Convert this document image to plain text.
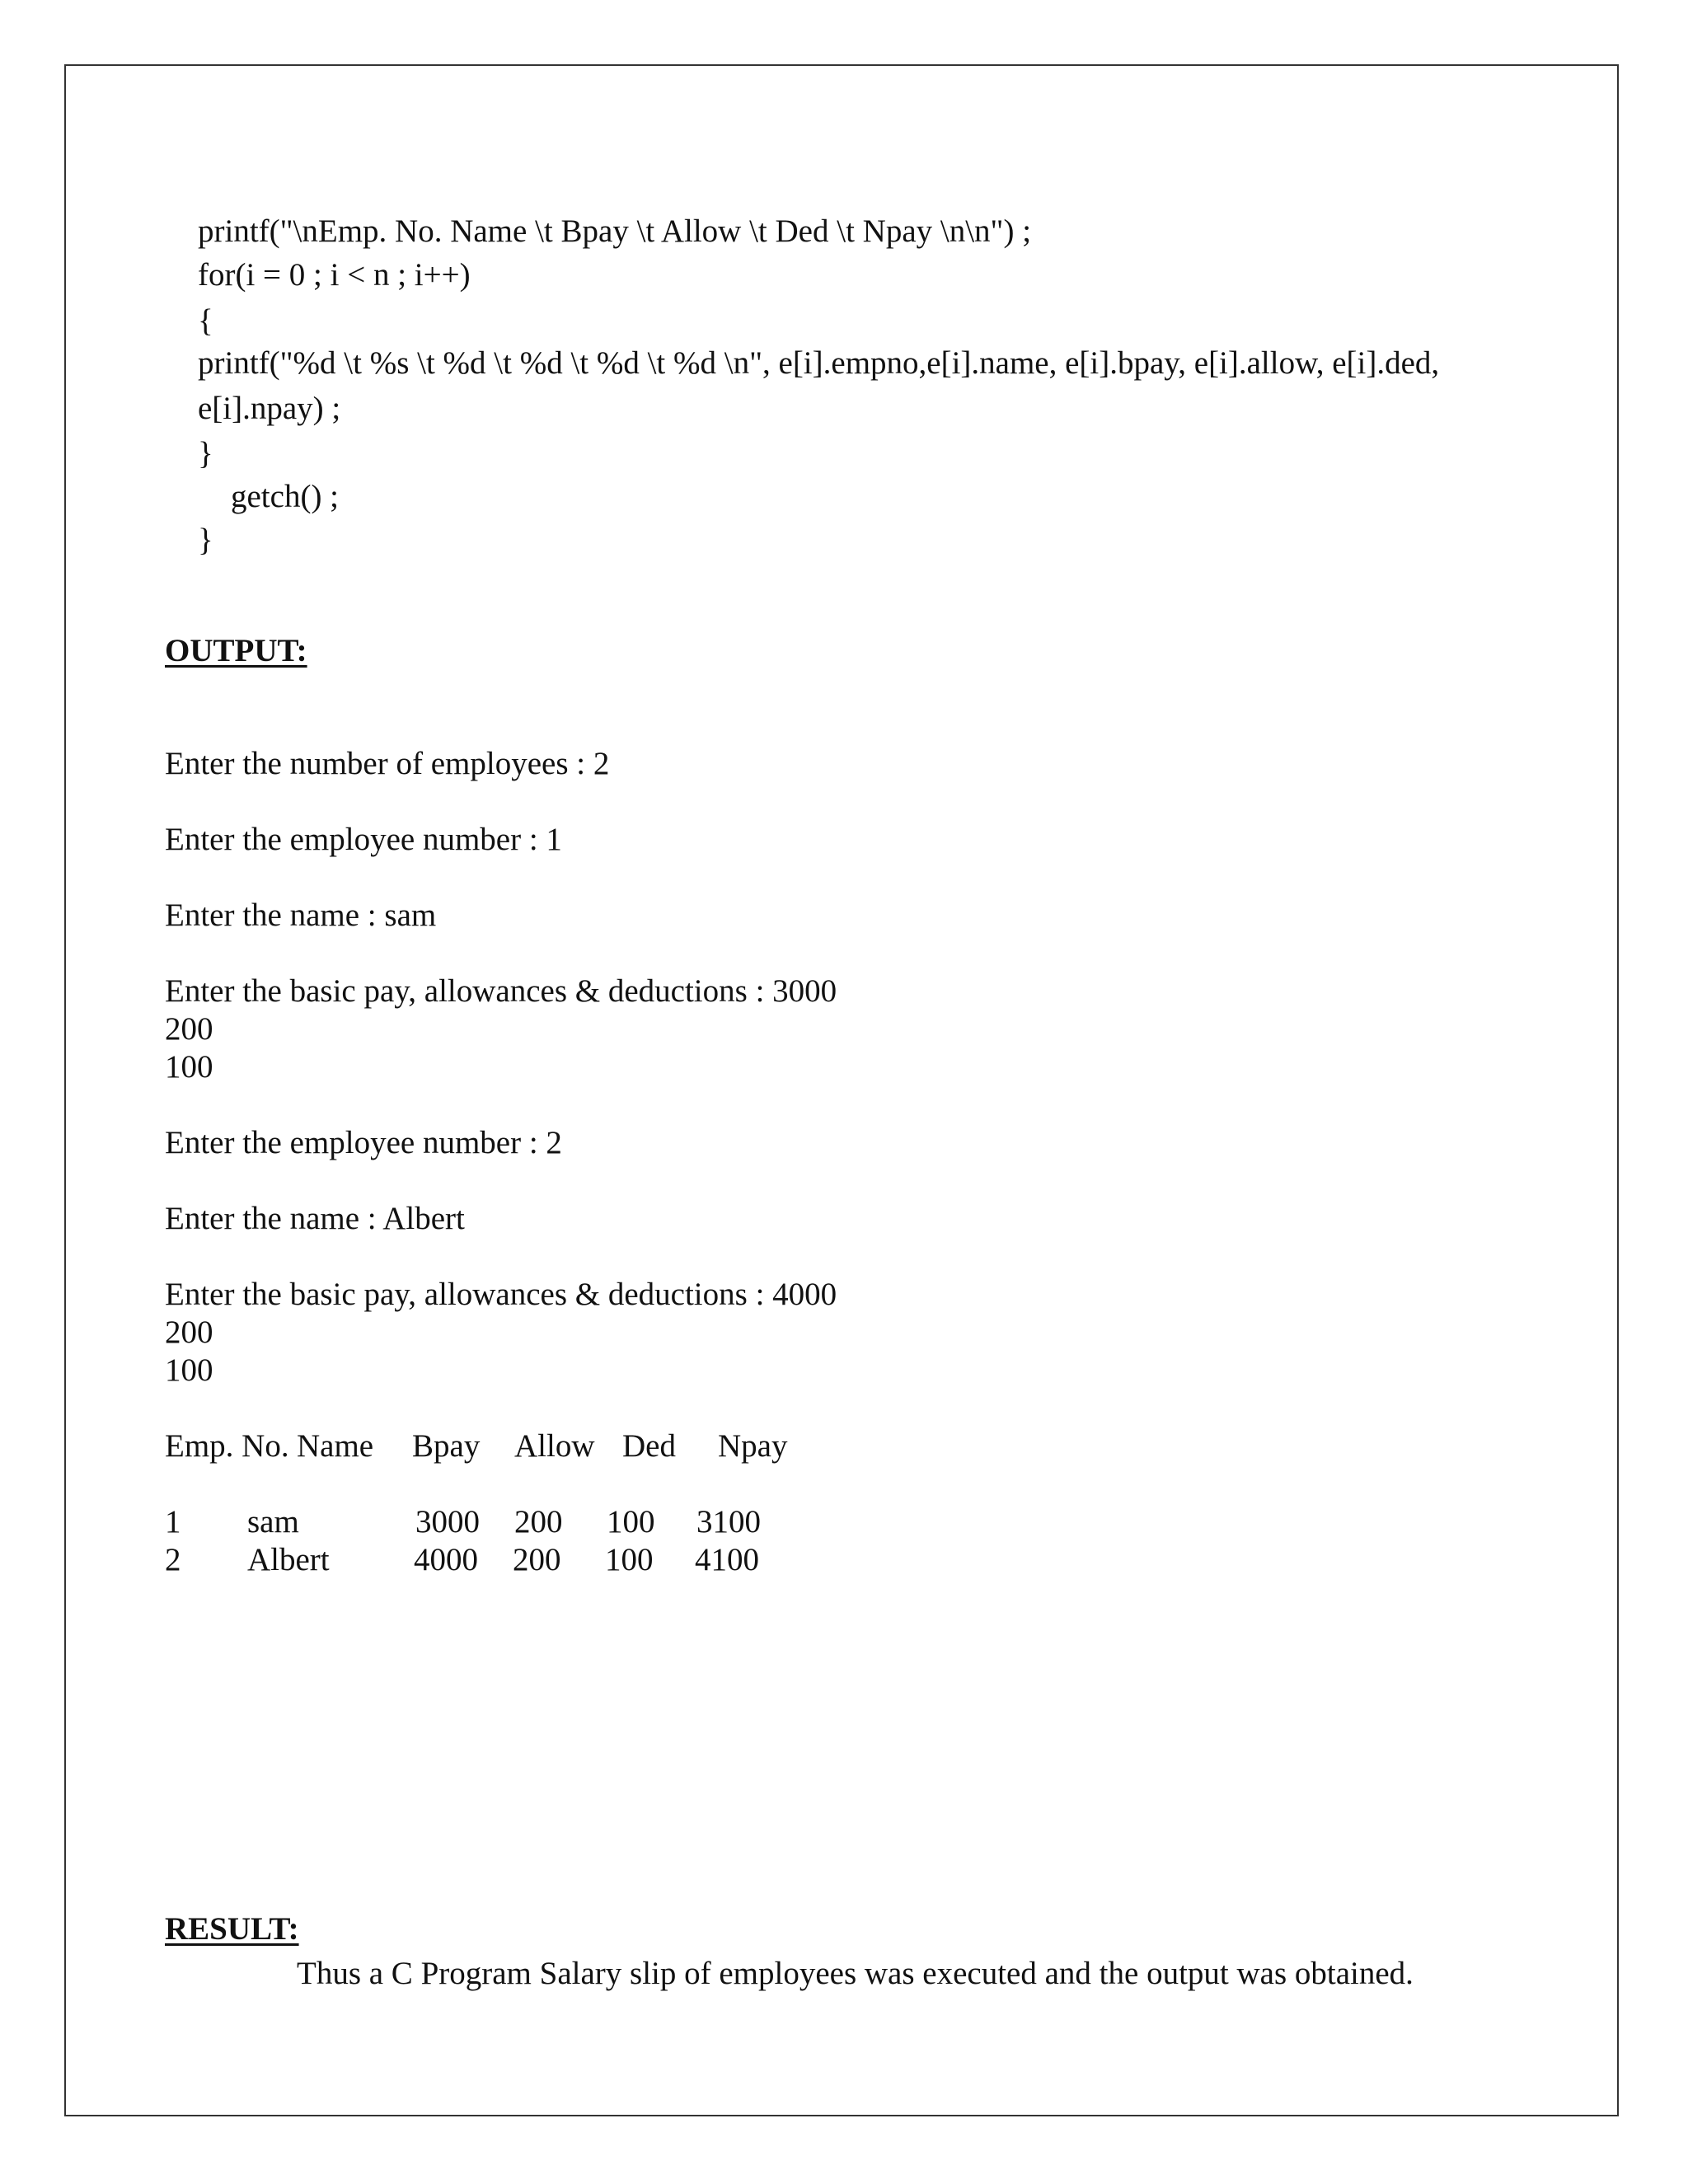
printf("\nEmp. No. Name \t Bpay \t Allow \t Ded \t Npay \n\n") ;
for(i = 0 ; i < n ; i++)
{
printf("%d \t %s \t %d \t %d \t %d \t %d \n", e[i].empno,e[i].name, e[i].bpay, e[i].allow, e[i].ded,
e[i].npay) ;
}
getch() ;
}
OUTPUT:
Enter the number of employees : 2
Enter the employee number : 1
Enter the name : sam
Enter the basic pay, allowances & deductions : 3000
200
100
Enter the employee number : 2
Enter the name : Albert
Enter the basic pay, allowances & deductions : 4000
200
100
Emp. No. Name Bpay Allow Ded Npay
1 sam	3000 200 100 3100
2 Albert	4000 200 100 4100
RESULT:
Thus a C Program Salary slip of employees was executed and the output was obtained.
